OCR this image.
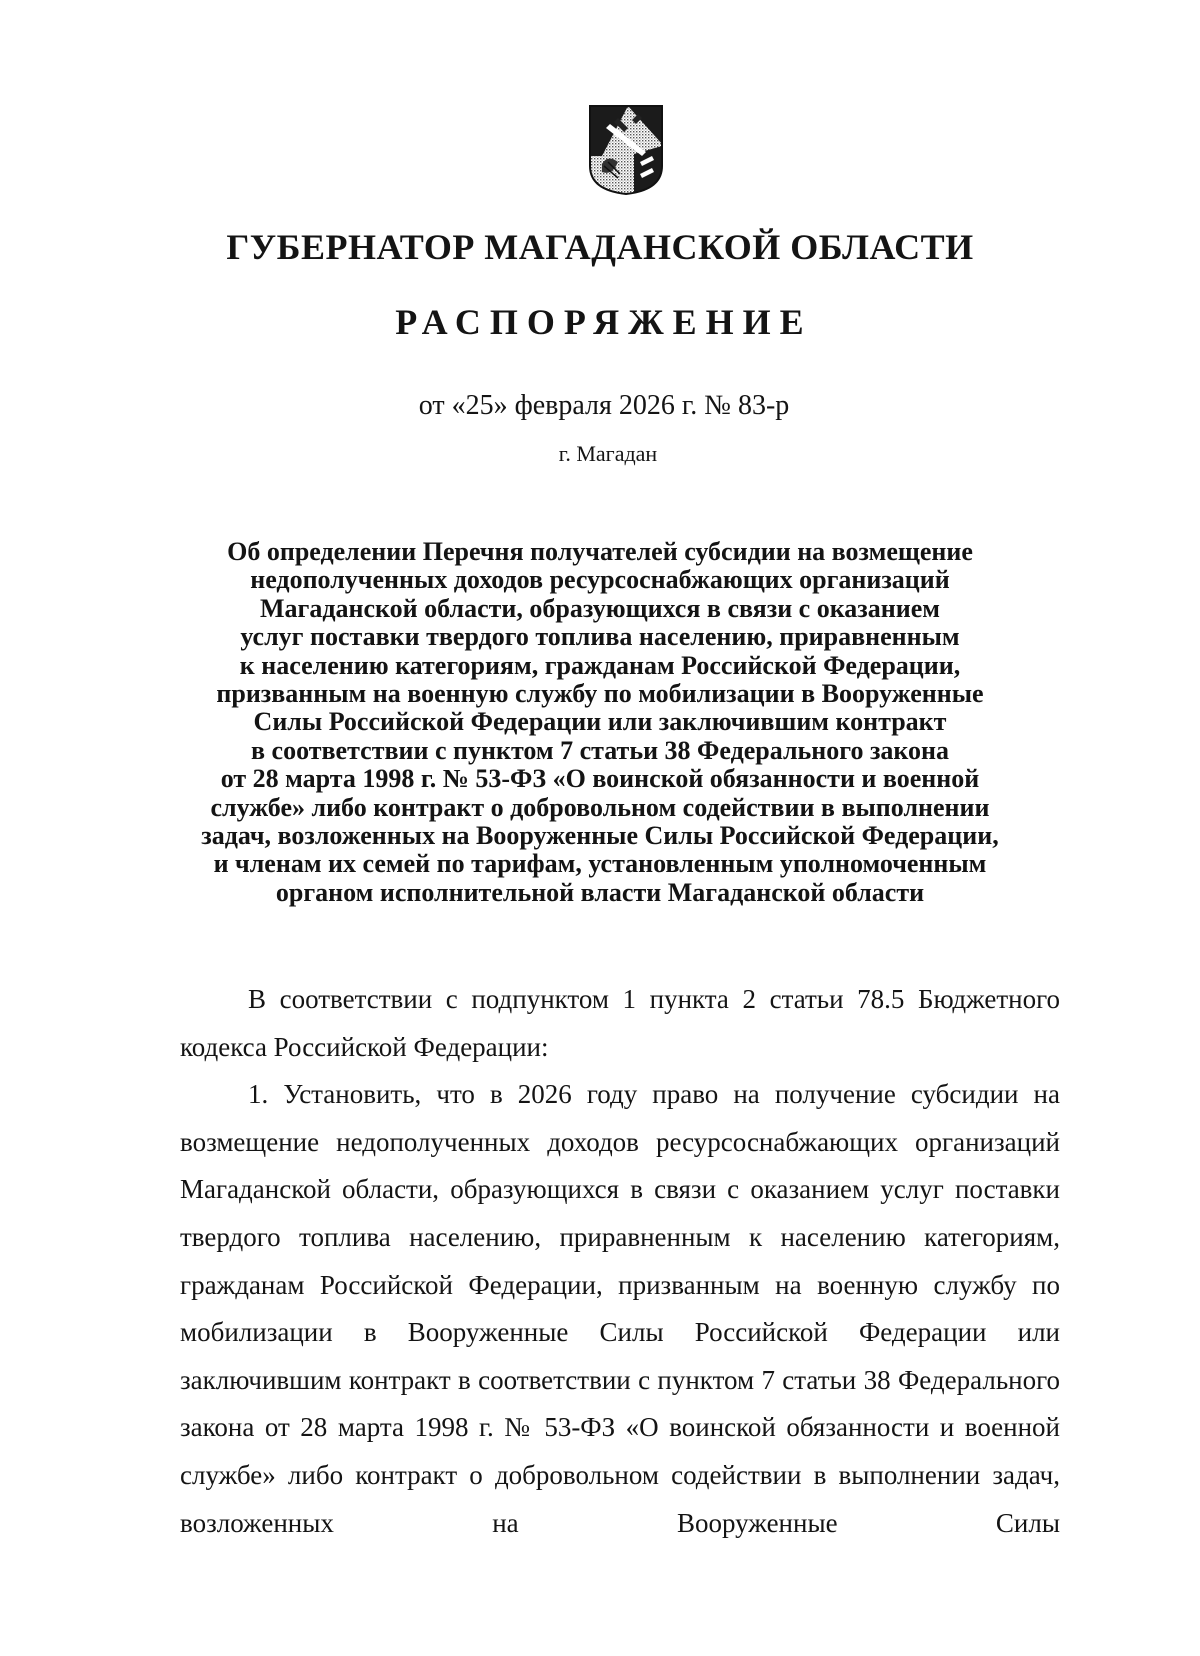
ГУБЕРНАТОР МАГАДАНСКОЙ ОБЛАСТИ
РАСПОРЯЖЕНИЕ
от «25» февраля 2026 г. № 83-р
г. Магадан
Об определении Перечня получателей субсидии на возмещение
недополученных доходов ресурсоснабжающих организаций
Магаданской области, образующихся в связи с оказанием
услуг поставки твердого топлива населению, приравненным
к населению категориям, гражданам Российской Федерации,
призванным на военную службу по мобилизации в Вооруженные
Силы Российской Федерации или заключившим контракт
в соответствии с пунктом 7 статьи 38 Федерального закона
от 28 марта 1998 г. № 53-ФЗ «О воинской обязанности и военной
службе» либо контракт о добровольном содействии в выполнении
задач, возложенных на Вооруженные Силы Российской Федерации,
и членам их семей по тарифам, установленным уполномоченным
органом исполнительной власти Магаданской области

В соответствии с подпунктом 1 пункта 2 статьи 78.5 Бюджетного кодекса Российской Федерации:

1. Установить, что в 2026 году право на получение субсидии на возмещение недополученных доходов ресурсоснабжающих организаций Магаданской области, образующихся в связи с оказанием услуг поставки твердого топлива населению, приравненным к населению категориям, гражданам Российской Федерации, призванным на военную службу по мобилизации в Вооруженные Силы Российской Федерации или заключившим контракт в соответствии с пунктом 7 статьи 38 Федерального закона от 28 марта 1998 г. № 53-ФЗ «О воинской обязанности и военной службе» либо контракт о добровольном содействии в выполнении задач, возложенных на Вооруженные Силы
